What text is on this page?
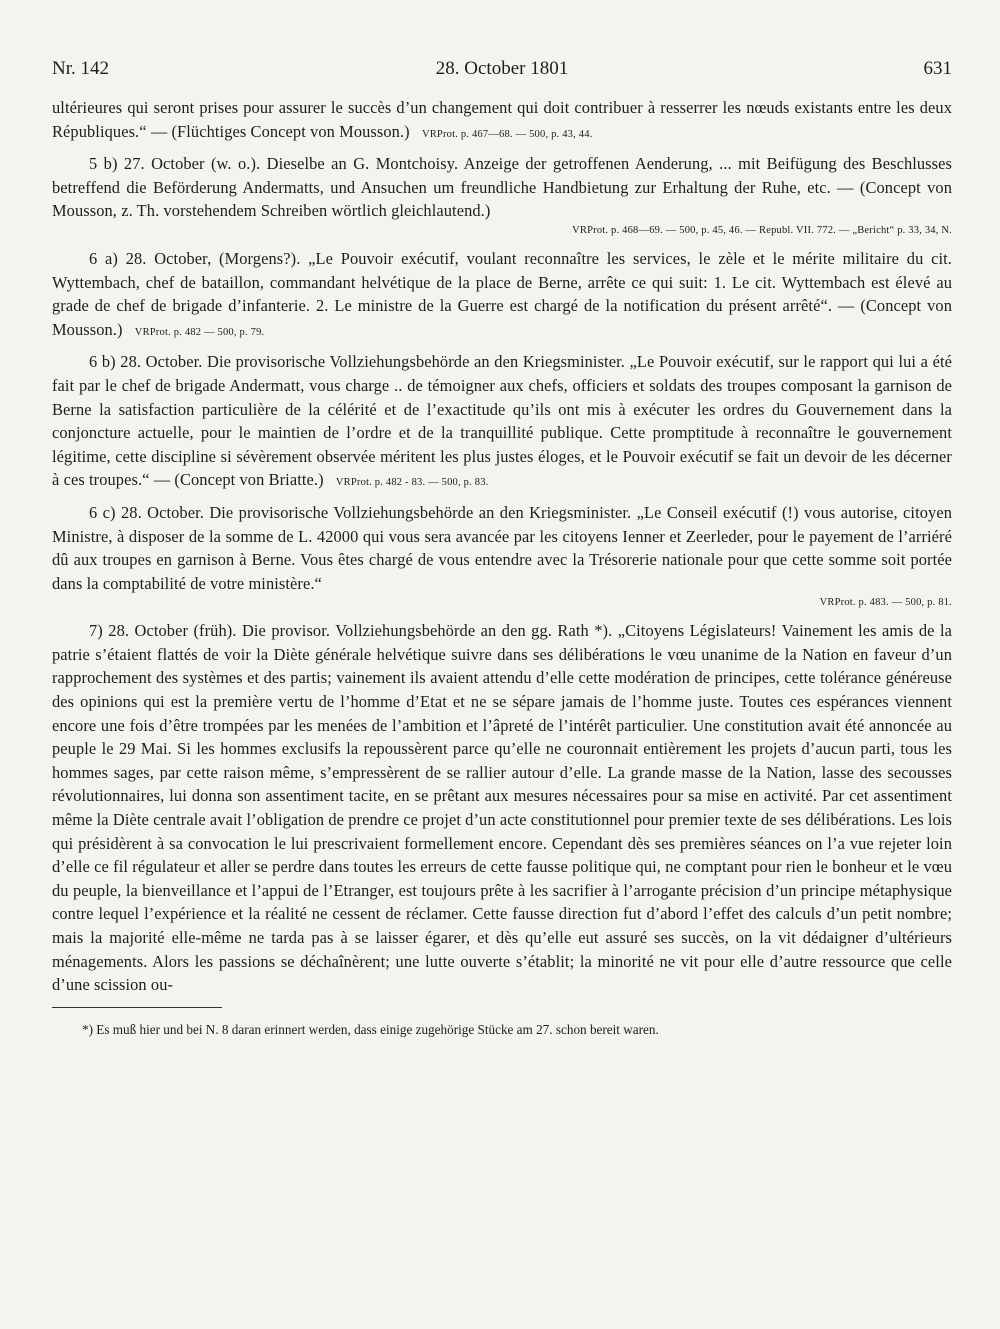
Nr. 142	28. October 1801	631

ultérieures qui seront prises pour assurer le succès d’un changement qui doit contribuer à resserrer les nœuds existants entre les deux Républiques.“ — (Flüchtiges Concept von Mousson.) VRProt. p. 467—68. — 500, p. 43, 44.

5 b) 27. October (w. o.). Dieselbe an G. Montchoisy. Anzeige der getroffenen Aenderung, ... mit Beifügung des Beschlusses betreffend die Beförderung Andermatts, und Ansuchen um freundliche Handbietung zur Erhaltung der Ruhe, etc. — (Concept von Mousson, z. Th. vorstehendem Schreiben wörtlich gleichlautend.)
VRProt. p. 468—69. — 500, p. 45, 46. — Republ. VII. 772. — „Bericht“ p. 33, 34, N.

6 a) 28. October, (Morgens?). „Le Pouvoir exécutif, voulant reconnaître les services, le zèle et le mérite militaire du cit. Wyttembach, chef de bataillon, commandant helvétique de la place de Berne, arrête ce qui suit: 1. Le cit. Wyttembach est élevé au grade de chef de brigade d’infanterie. 2. Le ministre de la Guerre est chargé de la notification du présent arrêté“. — (Concept von Mousson.) VRProt. p. 482 — 500, p. 79.

6 b) 28. October. Die provisorische Vollziehungsbehörde an den Kriegsminister. „Le Pouvoir exécutif, sur le rapport qui lui a été fait par le chef de brigade Andermatt, vous charge .. de témoigner aux chefs, officiers et soldats des troupes composant la garnison de Berne la satisfaction particulière de la célérité et de l’exactitude qu’ils ont mis à exécuter les ordres du Gouvernement dans la conjoncture actuelle, pour le maintien de l’ordre et de la tranquillité publique. Cette promptitude à reconnaître le gouvernement légitime, cette discipline si sévèrement observée méritent les plus justes éloges, et le Pouvoir exécutif se fait un devoir de les décerner à ces troupes.“ — (Concept von Briatte.) VRProt. p. 482 - 83. — 500, p. 83.

6 c) 28. October. Die provisorische Vollziehungsbehörde an den Kriegsminister. „Le Conseil exécutif (!) vous autorise, citoyen Ministre, à disposer de la somme de L. 42000 qui vous sera avancée par les citoyens Ienner et Zeerleder, pour le payement de l’arriéré dû aux troupes en garnison à Berne. Vous êtes chargé de vous entendre avec la Trésorerie nationale pour que cette somme soit portée dans la comptabilité de votre ministère.“
VRProt. p. 483. — 500, p. 81.

7) 28. October (früh). Die provisor. Vollziehungsbehörde an den gg. Rath *). „Citoyens Législateurs! Vainement les amis de la patrie s’étaient flattés de voir la Diète générale helvétique suivre dans ses délibérations le vœu unanime de la Nation en faveur d’un rapprochement des systèmes et des partis; vainement ils avaient attendu d’elle cette modération de principes, cette tolérance généreuse des opinions qui est la première vertu de l’homme d’Etat et ne se sépare jamais de l’homme juste. Toutes ces espérances viennent encore une fois d’être trompées par les menées de l’ambition et l’âpreté de l’intérêt particulier. Une constitution avait été annoncée au peuple le 29 Mai. Si les hommes exclusifs la repoussèrent parce qu’elle ne couronnait entièrement les projets d’aucun parti, tous les hommes sages, par cette raison même, s’empressèrent de se rallier autour d’elle. La grande masse de la Nation, lasse des secousses révolutionnaires, lui donna son assentiment tacite, en se prêtant aux mesures nécessaires pour sa mise en activité. Par cet assentiment même la Diète centrale avait l’obligation de prendre ce projet d’un acte constitutionnel pour premier texte de ses délibérations. Les lois qui présidèrent à sa convocation le lui prescrivaient formellement encore. Cependant dès ses premières séances on l’a vue rejeter loin d’elle ce fil régulateur et aller se perdre dans toutes les erreurs de cette fausse politique qui, ne comptant pour rien le bonheur et le vœu du peuple, la bienveillance et l’appui de l’Etranger, est toujours prête à les sacrifier à l’arrogante précision d’un principe métaphysique contre lequel l’expérience et la réalité ne cessent de réclamer. Cette fausse direction fut d’abord l’effet des calculs d’un petit nombre; mais la majorité elle-même ne tarda pas à se laisser égarer, et dès qu’elle eut assuré ses succès, on la vit dédaigner d’ultérieurs ménagements. Alors les passions se déchaînèrent; une lutte ouverte s’établit; la minorité ne vit pour elle d’autre ressource que celle d’une scission ou-

*) Es muß hier und bei N. 8 daran erinnert werden, dass einige zugehörige Stücke am 27. schon bereit waren.
